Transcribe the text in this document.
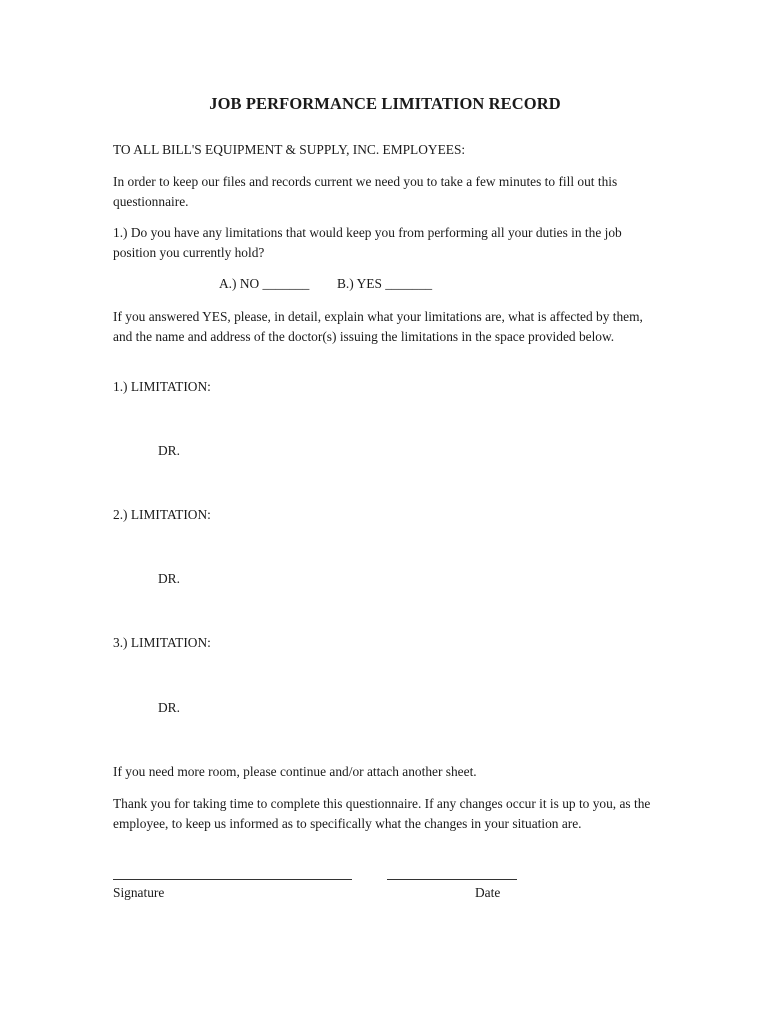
JOB PERFORMANCE LIMITATION RECORD
TO ALL BILL'S EQUIPMENT & SUPPLY, INC. EMPLOYEES:
In order to keep our files and records current we need you to take a few minutes to fill out this questionnaire.
1.) Do you have any limitations that would keep you from performing all your duties in the job position you currently hold?
A.) NO _______ B.) YES _______
If you answered YES, please, in detail, explain what your limitations are, what is affected by them, and the name and address of the doctor(s) issuing the limitations in the space provided below.
1.) LIMITATION:
DR.
2.) LIMITATION:
DR.
3.) LIMITATION:
DR.
If you need more room, please continue and/or attach another sheet.
Thank you for taking time to complete this questionnaire. If any changes occur it is up to you, as the employee, to keep us informed as to specifically what the changes in your situation are.
Signature	Date
